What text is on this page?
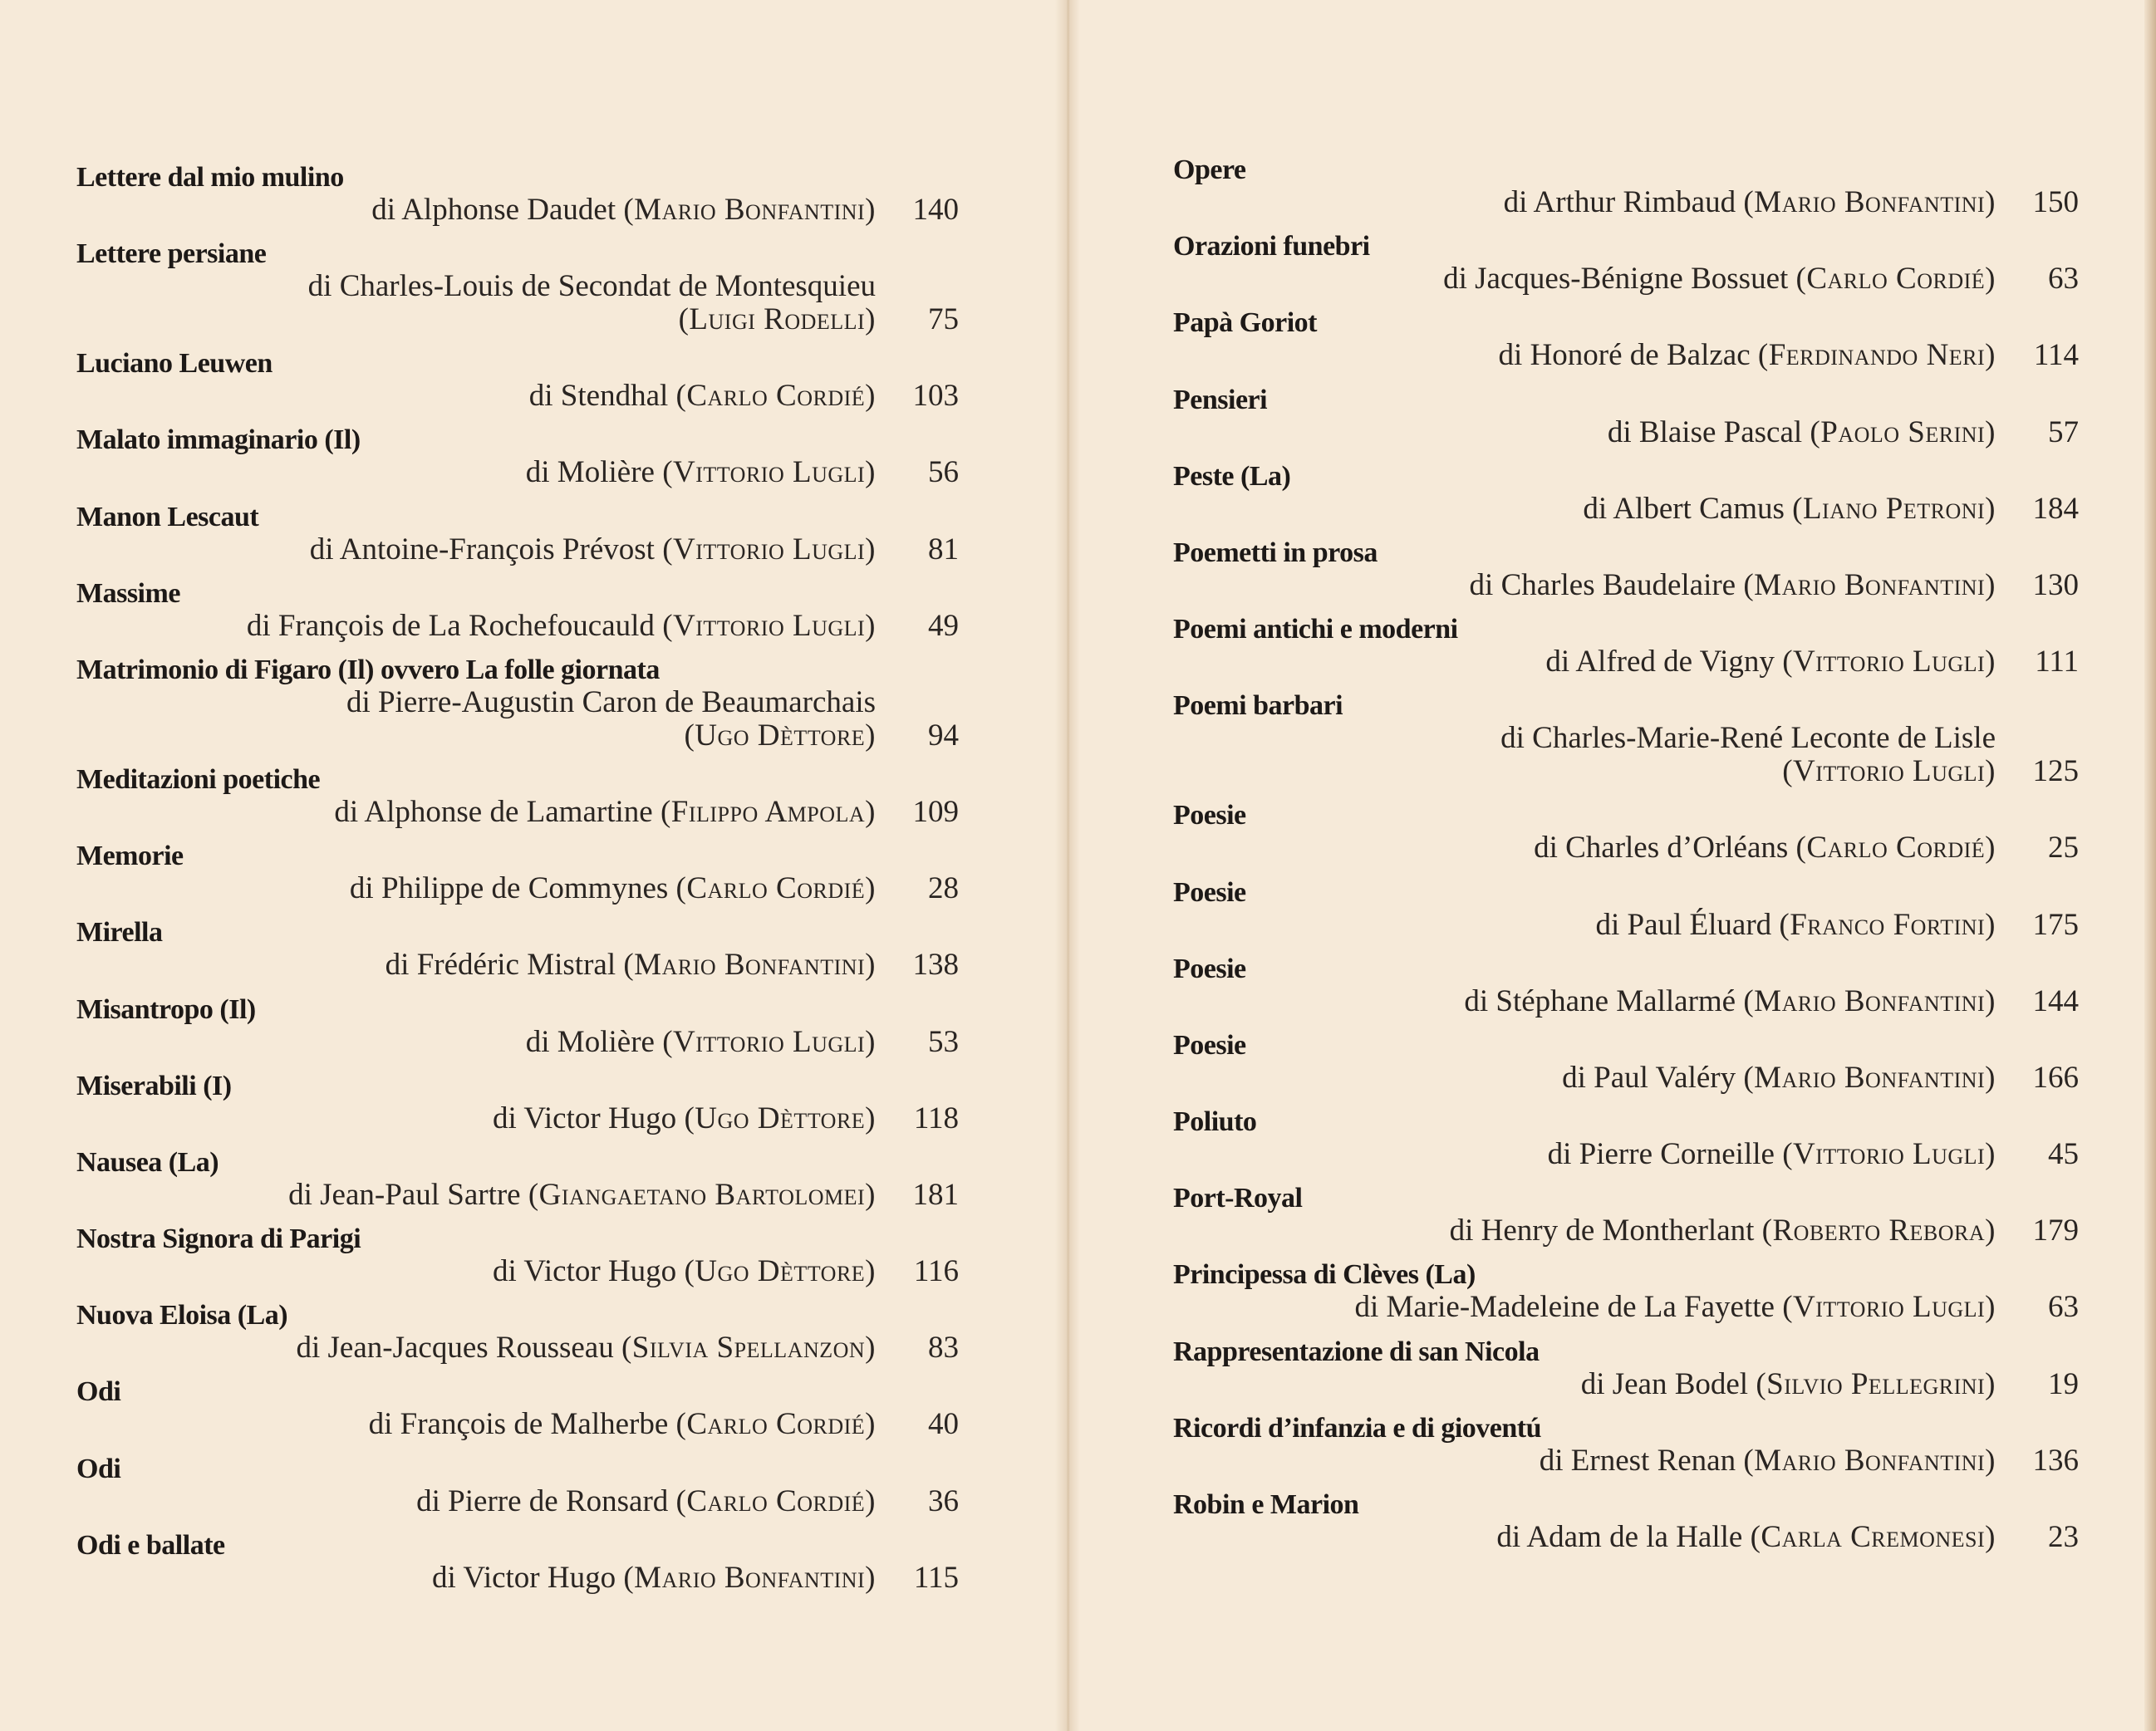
Lettere dal mio mulino
di Alphonse Daudet (Mario Bonfantini)	140
Lettere persiane
di Charles-Louis de Secondat de Montesquieu
(Luigi Rodelli)	75
Luciano Leuwen
di Stendhal (Carlo Cordié)	103
Malato immaginario (Il)
di Molière (Vittorio Lugli)	56
Manon Lescaut
di Antoine-François Prévost (Vittorio Lugli)	81
Massime
di François de La Rochefoucauld (Vittorio Lugli)	49
Matrimonio di Figaro (Il) ovvero La folle giornata
di Pierre-Augustin Caron de Beaumarchais
(Ugo Dèttore)	94
Meditazioni poetiche
di Alphonse de Lamartine (Filippo Ampola)	109
Memorie
di Philippe de Commynes (Carlo Cordié)	28
Mirella
di Frédéric Mistral (Mario Bonfantini)	138
Misantropo (Il)
di Molière (Vittorio Lugli)	53
Miserabili (I)
di Victor Hugo (Ugo Dèttore)	118
Nausea (La)
di Jean-Paul Sartre (Giangaetano Bartolomei)	181
Nostra Signora di Parigi
di Victor Hugo (Ugo Dèttore)	116
Nuova Eloisa (La)
di Jean-Jacques Rousseau (Silvia Spellanzon)	83
Odi
di François de Malherbe (Carlo Cordié)	40
Odi
di Pierre de Ronsard (Carlo Cordié)	36
Odi e ballate
di Victor Hugo (Mario Bonfantini)	115
Opere
di Arthur Rimbaud (Mario Bonfantini)	150
Orazioni funebri
di Jacques-Bénigne Bossuet (Carlo Cordié)	63
Papà Goriot
di Honoré de Balzac (Ferdinando Neri)	114
Pensieri
di Blaise Pascal (Paolo Serini)	57
Peste (La)
di Albert Camus (Liano Petroni)	184
Poemetti in prosa
di Charles Baudelaire (Mario Bonfantini)	130
Poemi antichi e moderni
di Alfred de Vigny (Vittorio Lugli)	111
Poemi barbari
di Charles-Marie-René Leconte de Lisle
(Vittorio Lugli)	125
Poesie
di Charles d’Orléans (Carlo Cordié)	25
Poesie
di Paul Éluard (Franco Fortini)	175
Poesie
di Stéphane Mallarmé (Mario Bonfantini)	144
Poesie
di Paul Valéry (Mario Bonfantini)	166
Poliuto
di Pierre Corneille (Vittorio Lugli)	45
Port-Royal
di Henry de Montherlant (Roberto Rebora)	179
Principessa di Clèves (La)
di Marie-Madeleine de La Fayette (Vittorio Lugli)	63
Rappresentazione di san Nicola
di Jean Bodel (Silvio Pellegrini)	19
Ricordi d’infanzia e di gioventú
di Ernest Renan (Mario Bonfantini)	136
Robin e Marion
di Adam de la Halle (Carla Cremonesi)	23
